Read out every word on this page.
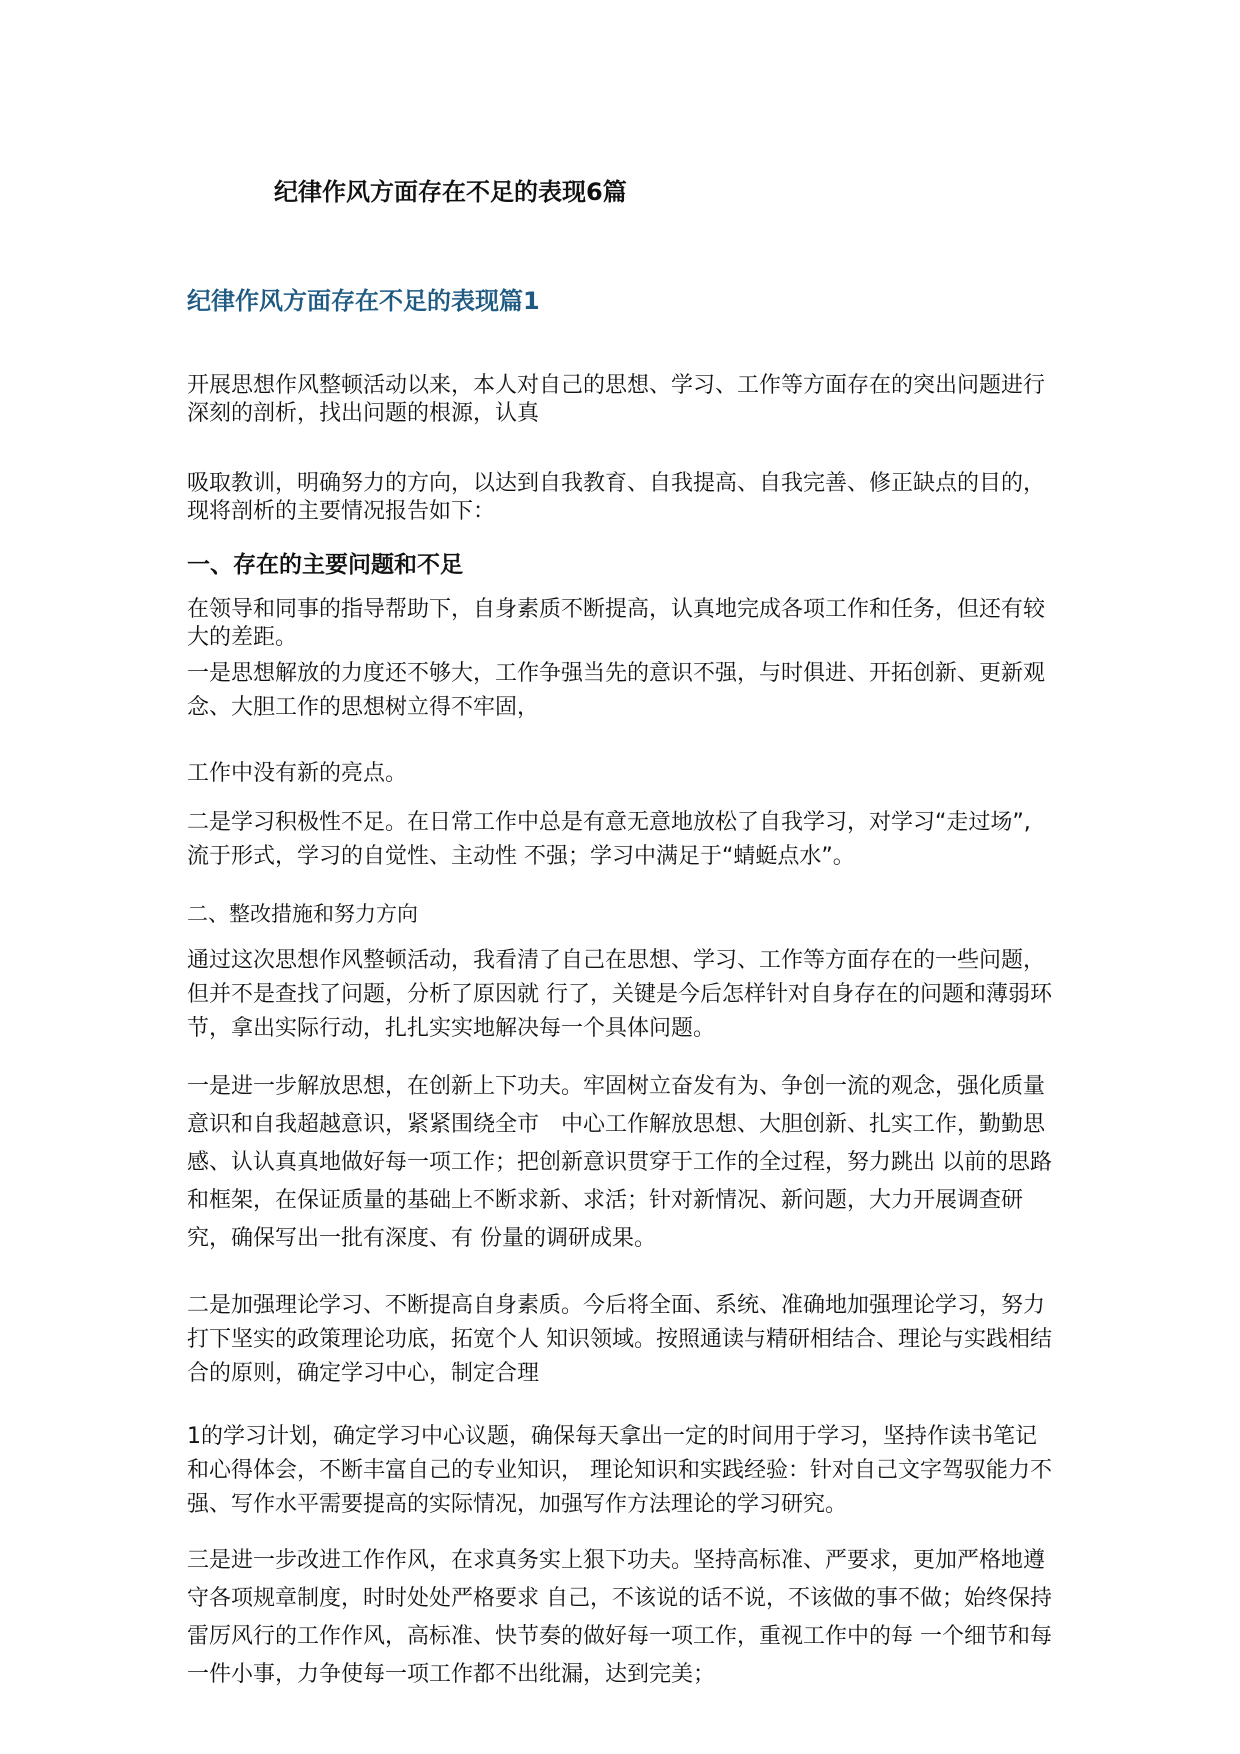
纪律作风方面存在不足的表现6篇
纪律作风方面存在不足的表现篇1

开展思想作风整顿活动以来，本人对自己的思想、学习、工作等方面存在的突出问题进行深刻的剖析，找出问题的根源，认真

吸取教训，明确努力的方向，以达到自我教育、自我提高、自我完善、修正缺点的目的，现将剖析的主要情况报告如下：

一、存在的主要问题和不足

在领导和同事的指导帮助下，自身素质不断提高，认真地完成各项工作和任务，但还有较大的差距。

一是思想解放的力度还不够大，工作争强当先的意识不强，与时俱进、开拓创新、更新观念、大胆工作的思想树立得不牢固，

工作中没有新的亮点。

二是学习积极性不足。在日常工作中总是有意无意地放松了自我学习，对学习“走过场”, 流于形式，学习的自觉性、主动性 不强；学习中满足于“蜻蜓点水”。

二、整改措施和努力方向

通过这次思想作风整顿活动，我看清了自己在思想、学习、工作等方面存在的一些问题，但并不是查找了问题，分析了原因就 行了，关键是今后怎样针对自身存在的问题和薄弱环节，拿出实际行动，扎扎实实地解决每一个具体问题。

一是进一步解放思想，在创新上下功夫。牢固树立奋发有为、争创一流的观念，强化质量意识和自我超越意识，紧紧围绕全市　中心工作解放思想、大胆创新、扎实工作，勤勤思感、认认真真地做好每一项工作；把创新意识贯穿于工作的全过程，努力跳出 以前的思路和框架，在保证质量的基础上不断求新、求活；针对新情况、新问题，大力开展调查研究，确保写出一批有深度、有 份量的调研成果。

二是加强理论学习、不断提高自身素质。今后将全面、系统、准确地加强理论学习，努力打下坚实的政策理论功底，拓宽个人 知识领域。按照通读与精研相结合、理论与实践相结合的原则，确定学习中心，制定合理

1的学习计划，确定学习中心议题，确保每天拿出一定的时间用于学习，坚持作读书笔记和心得体会，不断丰富自己的专业知识， 理论知识和实践经验：针对自己文字驾驭能力不强、写作水平需要提高的实际情况，加强写作方法理论的学习研究。

三是进一步改进工作作风，在求真务实上狠下功夫。坚持高标准、严要求，更加严格地遵守各项规章制度，时时处处严格要求 自己，不该说的话不说，不该做的事不做；始终保持雷厉风行的工作作风，高标准、快节奏的做好每一项工作，重视工作中的每 一个细节和每一件小事，力争使每一项工作都不出纰漏，达到完美；
